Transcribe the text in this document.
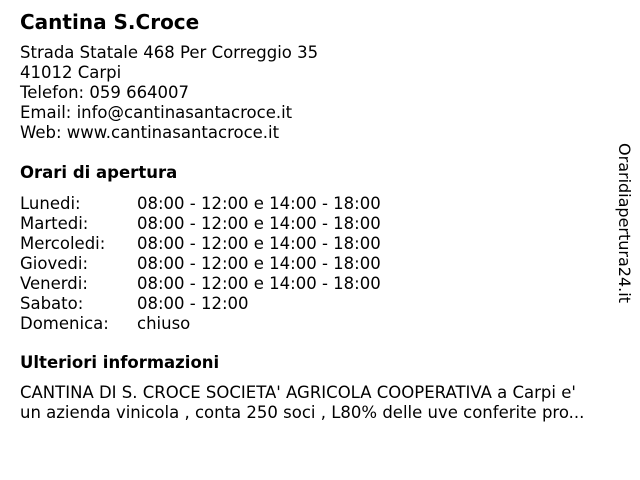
Cantina S.Croce
Strada Statale 468 Per Correggio 35
41012 Carpi
Telefon: 059 664007
Email: info@cantinasantacroce.it
Web: www.cantinasantacroce.it
Orari di apertura
Lunedi:	08:00 - 12:00 e 14:00 - 18:00
Martedi:	08:00 - 12:00 e 14:00 - 18:00
Mercoledi:	08:00 - 12:00 e 14:00 - 18:00
Giovedi:	08:00 - 12:00 e 14:00 - 18:00
Venerdi:	08:00 - 12:00 e 14:00 - 18:00
Sabato:	08:00 - 12:00
Domenica:	chiuso
Ulteriori informazioni
CANTINA DI S. CROCE SOCIETA' AGRICOLA COOPERATIVA a Carpi e'
un azienda vinicola , conta 250 soci , L80% delle uve conferite pro...
Oraridiapertura24.it
